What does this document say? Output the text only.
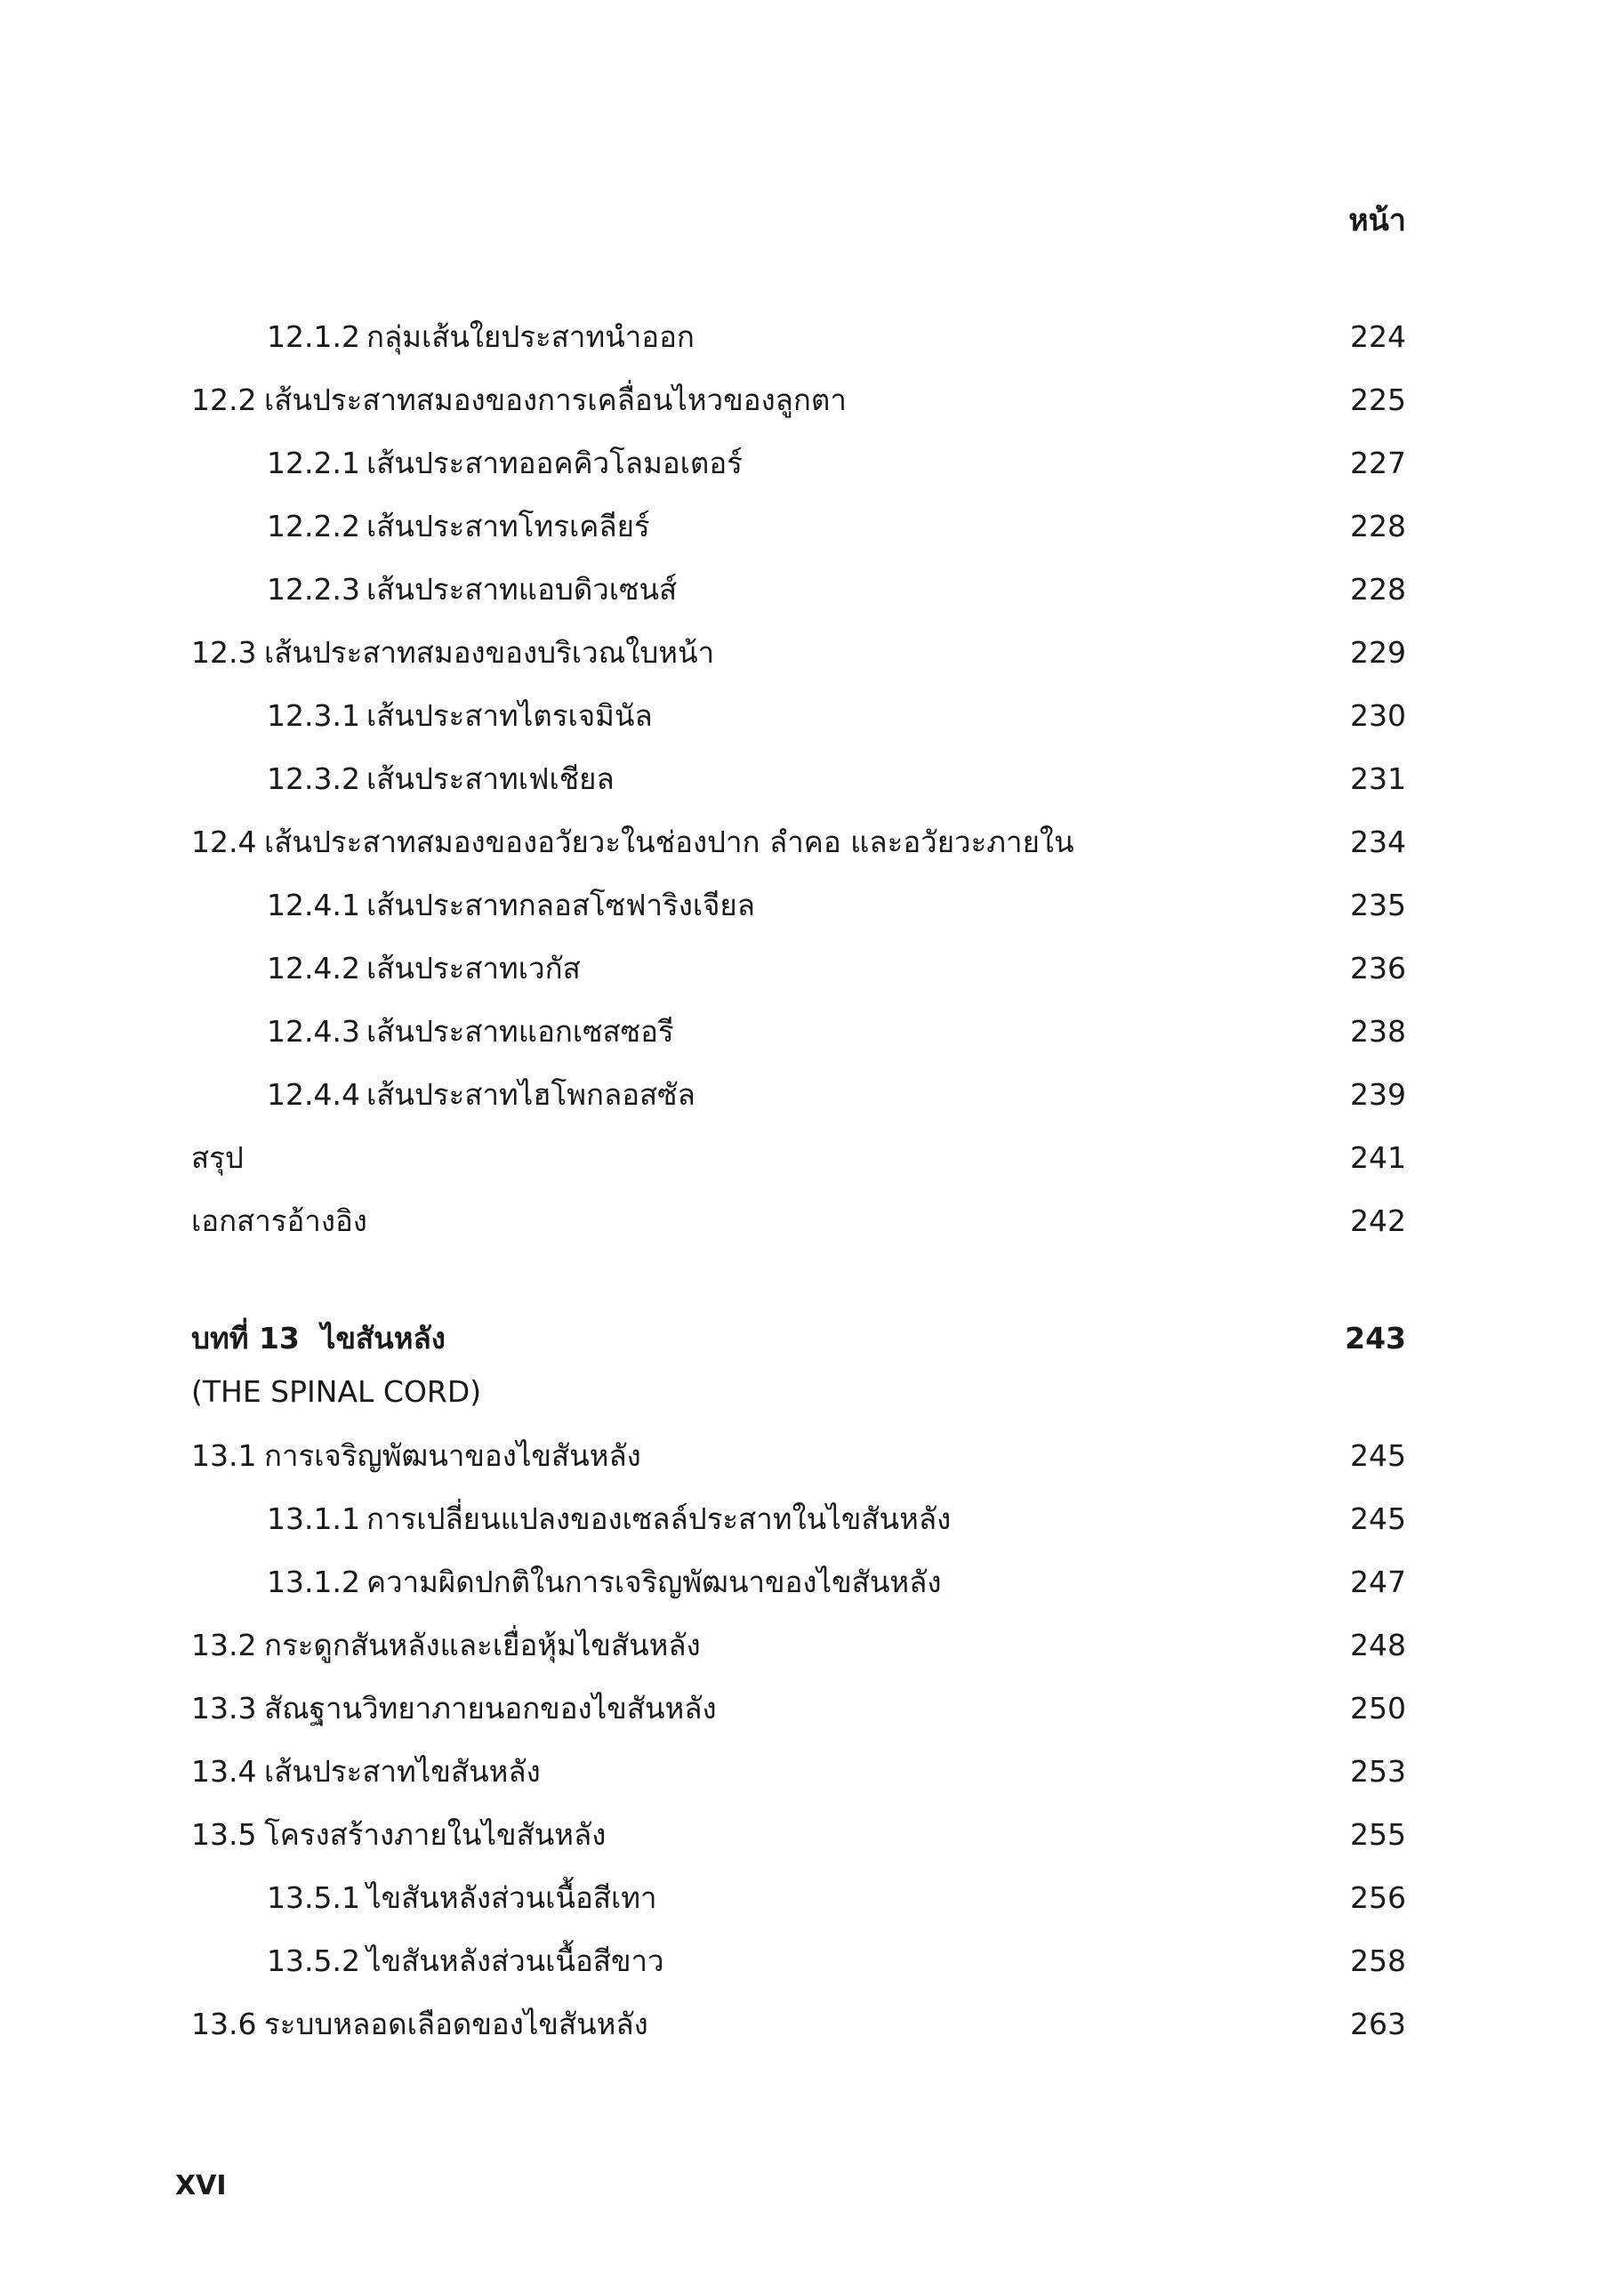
หน้า
12.1.2 กลุ่มเส้นใยประสาทนำออก	224
12.2 เส้นประสาทสมองของการเคลื่อนไหวของลูกตา	225
12.2.1 เส้นประสาทออคคิวโลมอเตอร์	227
12.2.2 เส้นประสาทโทรเคลียร์	228
12.2.3 เส้นประสาทแอบดิวเซนส์	228
12.3 เส้นประสาทสมองของบริเวณใบหน้า	229
12.3.1 เส้นประสาทไตรเจมินัล	230
12.3.2 เส้นประสาทเฟเชียล	231
12.4 เส้นประสาทสมองของอวัยวะในช่องปาก ลำคอ และอวัยวะภายใน	234
12.4.1 เส้นประสาทกลอสโซฟาริงเจียล	235
12.4.2 เส้นประสาทเวกัส	236
12.4.3 เส้นประสาทแอกเซสซอรี	238
12.4.4 เส้นประสาทไฮโพกลอสซัล	239
สรุป	241
เอกสารอ้างอิง	242
บทที่ 13 ไขสันหลัง	243
(THE SPINAL CORD)
13.1 การเจริญพัฒนาของไขสันหลัง	245
13.1.1 การเปลี่ยนแปลงของเซลล์ประสาทในไขสันหลัง	245
13.1.2 ความผิดปกติในการเจริญพัฒนาของไขสันหลัง	247
13.2 กระดูกสันหลังและเยื่อหุ้มไขสันหลัง	248
13.3 สัณฐานวิทยาภายนอกของไขสันหลัง	250
13.4 เส้นประสาทไขสันหลัง	253
13.5 โครงสร้างภายในไขสันหลัง	255
13.5.1 ไขสันหลังส่วนเนื้อสีเทา	256
13.5.2 ไขสันหลังส่วนเนื้อสีขาว	258
13.6 ระบบหลอดเลือดของไขสันหลัง	263
XVI
